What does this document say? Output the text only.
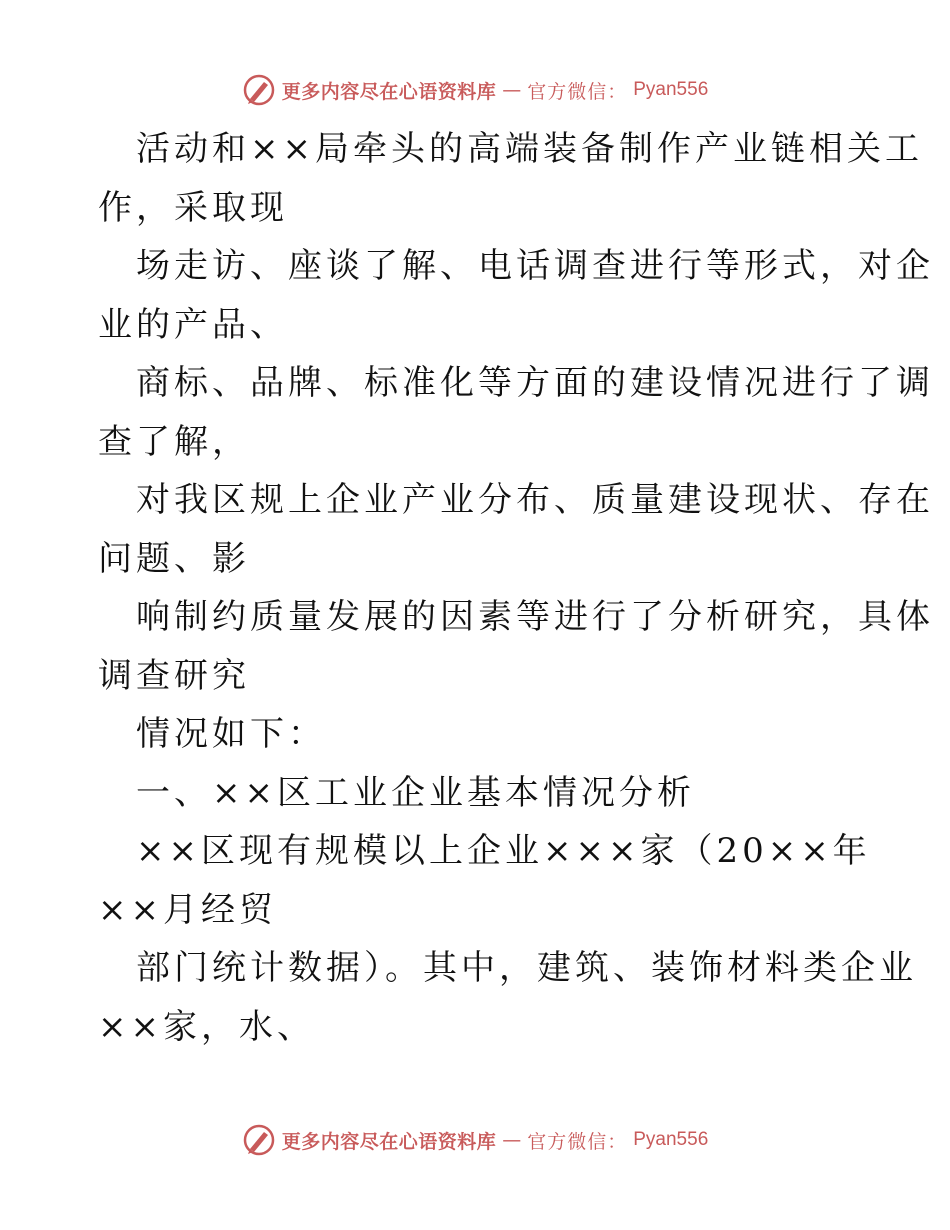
更多内容尽在心语资料库 — 官方微信： Pyan556
活动和××局牵头的高端装备制作产业链相关工
作，采取现
场走访、座谈了解、电话调查进行等形式，对企
业的产品、
商标、品牌、标准化等方面的建设情况进行了调
查了解，
对我区规上企业产业分布、质量建设现状、存在
问题、影
响制约质量发展的因素等进行了分析研究，具体
调查研究
情况如下：
一、××区工业企业基本情况分析
××区现有规模以上企业×××家（20××年
××月经贸
部门统计数据）。其中，建筑、装饰材料类企业
××家，水、
更多内容尽在心语资料库 — 官方微信： Pyan556
